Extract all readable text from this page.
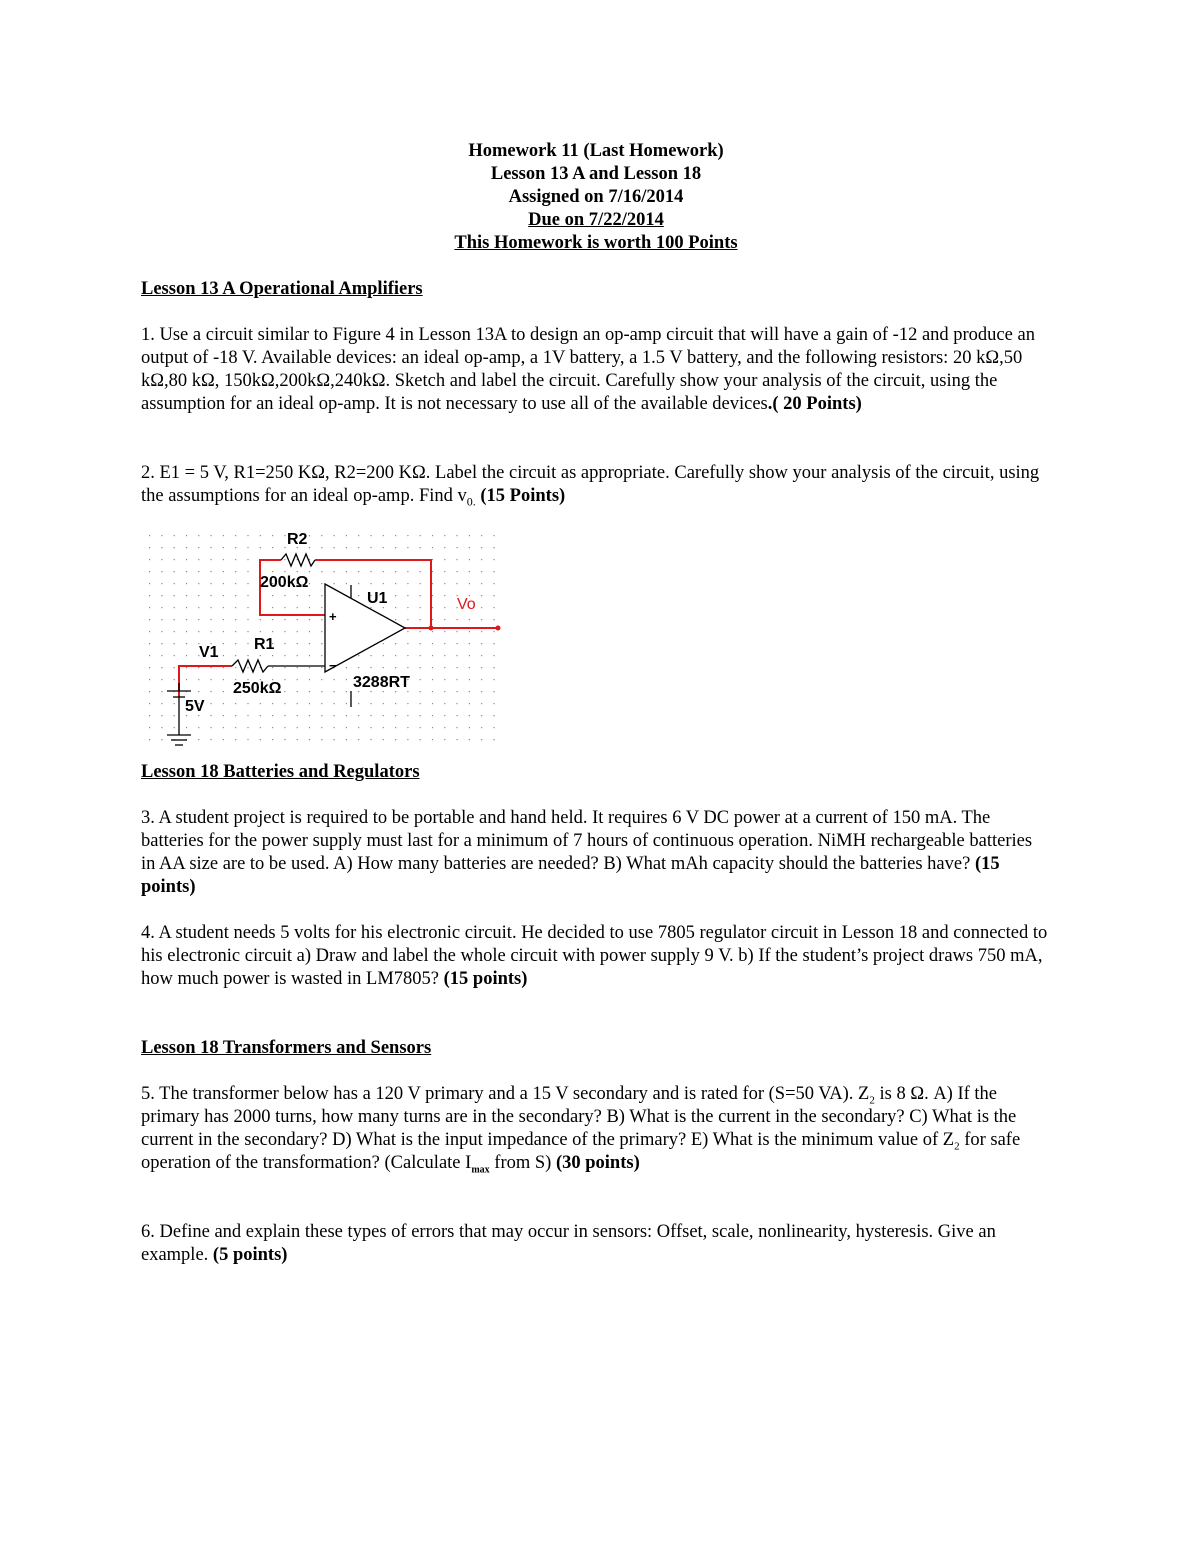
Homework 11 (Last Homework)
Lesson 13 A and Lesson 18
Assigned on 7/16/2014
Due on 7/22/2014
This Homework is worth 100 Points
Lesson 13 A Operational Amplifiers

1. Use a circuit similar to Figure 4 in Lesson 13A to design an op-amp circuit that will have a gain of -12 and produce an output of -18 V. Available devices: an ideal op-amp, a 1V battery, a 1.5 V battery, and the following resistors: 20 kΩ,50 kΩ,80 kΩ, 150kΩ,200kΩ,240kΩ. Sketch and label the circuit. Carefully show your analysis of the circuit, using the assumption for an ideal op-amp. It is not necessary to use all of the available devices.( 20 Points)

2. E1 = 5 V, R1=250 KΩ, R2=200 KΩ. Label the circuit as appropriate. Carefully show your analysis of the circuit, using the assumptions for an ideal op-amp. Find $v_{0.}$ (15 Points)

Lesson 18 Batteries and Regulators

3. A student project is required to be portable and hand held. It requires 6 V DC power at a current of 150 mA. The batteries for the power supply must last for a minimum of 7 hours of continuous operation. NiMH rechargeable batteries in AA size are to be used. A) How many batteries are needed? B) What mAh capacity should the batteries have? (15 points)

4. A student needs 5 volts for his electronic circuit. He decided to use 7805 regulator circuit in Lesson 18 and connected to his electronic circuit a) Draw and label the whole circuit with power supply 9 V. b) If the student’s project draws 750 mA, how much power is wasted in LM7805? (15 points)

Lesson 18 Transformers and Sensors

5. The transformer below has a 120 V primary and a 15 V secondary and is rated for (S=50 VA). $Z_2$ is 8 Ω. A) If the primary has 2000 turns, how many turns are in the secondary? B) What is the current in the secondary? C) What is the current in the secondary? D) What is the input impedance of the primary? E) What is the minimum value of $Z_2$ for safe operation of the transformation? (Calculate $I_{max}$ from S) (30 points)

6. Define and explain these types of errors that may occur in sensors: Offset, scale, nonlinearity, hysteresis. Give an example. (5 points)

+
−
R2
200kΩ
U1	Vo
V1 R1
250kΩ	3288RT
5V
